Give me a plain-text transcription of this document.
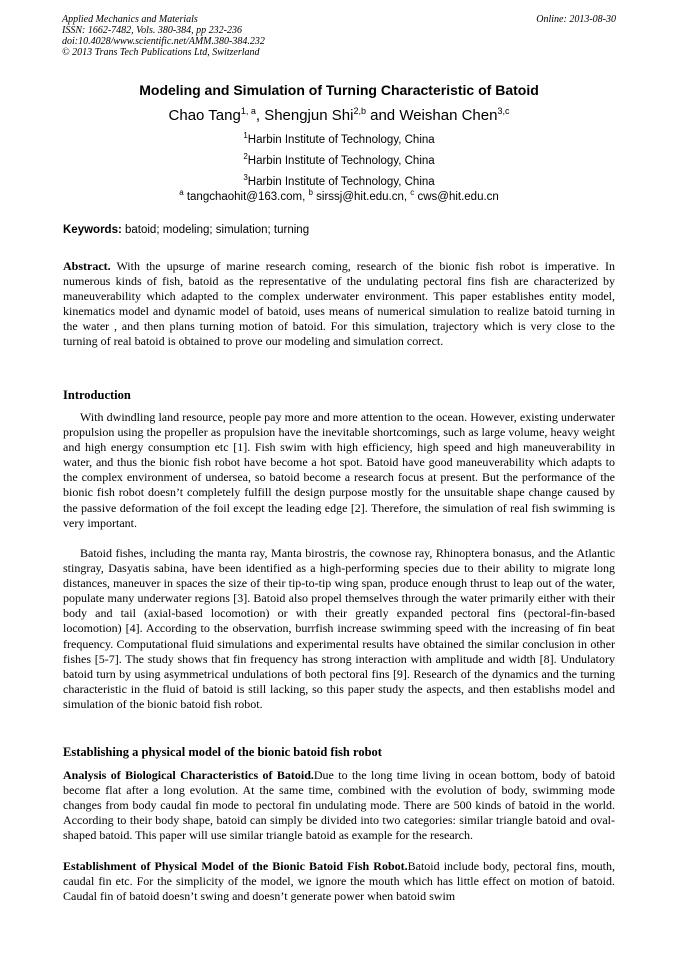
Applied Mechanics and Materials
ISSN: 1662-7482, Vols. 380-384, pp 232-236
doi:10.4028/www.scientific.net/AMM.380-384.232
© 2013 Trans Tech Publications Ltd, Switzerland
Online: 2013-08-30
Modeling and Simulation of Turning Characteristic of Batoid
Chao Tang$^{1, a}$, Shengjun Shi$^{2,b}$ and Weishan Chen$^{3,c}$
$^1$Harbin Institute of Technology, China
$^2$Harbin Institute of Technology, China
$^3$Harbin Institute of Technology, China
$^a$ tangchaohit@163.com, $^b$ sirssj@hit.edu.cn, $^c$ cws@hit.edu.cn
Keywords: batoid; modeling; simulation; turning
Abstract. With the upsurge of marine research coming, research of the bionic fish robot is imperative. In numerous kinds of fish, batoid as the representative of the undulating pectoral fins fish are characterized by maneuverability which adapted to the complex underwater environment. This paper establishes entity model, kinematics model and dynamic model of batoid, uses means of numerical simulation to realize batoid turning in the water , and then plans turning motion of batoid. For this simulation, trajectory which is very close to the turning of real batoid is obtained to prove our modeling and simulation correct.
Introduction
With dwindling land resource, people pay more and more attention to the ocean. However, existing underwater propulsion using the propeller as propulsion have the inevitable shortcomings, such as large volume, heavy weight and high energy consumption etc [1]. Fish swim with high efficiency, high speed and high maneuverability in water, and thus the bionic fish robot have become a hot spot. Batoid have good maneuverability which adapts to the complex environment of undersea, so batoid become a research focus at present. But the performance of the bionic fish robot doesn’t completely fulfill the design purpose mostly for the unsuitable shape change caused by the passive deformation of the foil except the leading edge [2]. Therefore, the simulation of real fish swimming is very important.
Batoid fishes, including the manta ray, Manta birostris, the cownose ray, Rhinoptera bonasus, and the Atlantic stingray, Dasyatis sabina, have been identified as a high-performing species due to their ability to migrate long distances, maneuver in spaces the size of their tip-to-tip wing span, produce enough thrust to leap out of the water, populate many underwater regions [3]. Batoid also propel themselves through the water primarily either with their body and tail (axial-based locomotion) or with their greatly expanded pectoral fins (pectoral-fin-based locomotion) [4]. According to the observation, burrfish increase swimming speed with the increasing of fin beat frequency. Computational fluid simulations and experimental results have obtained the similar conclusion in other fishes [5-7]. The study shows that fin frequency has strong interaction with amplitude and width [8]. Undulatory batoid turn by using asymmetrical undulations of both pectoral fins [9]. Research of the dynamics and the turning characteristic in the fluid of batoid is still lacking, so this paper study the aspects, and then establishs model and simulation of the bionic batoid fish robot.
Establishing a physical model of the bionic batoid fish robot
Analysis of Biological Characteristics of Batoid.Due to the long time living in ocean bottom, body of batoid become flat after a long evolution. At the same time, combined with the evolution of body, swimming mode changes from body caudal fin mode to pectoral fin undulating mode. There are 500 kinds of batoid in the world. According to their body shape, batoid can simply be divided into two categories: similar triangle batoid and oval-shaped batoid. This paper will use similar triangle batoid as example for the research.
Establishment of Physical Model of the Bionic Batoid Fish Robot.Batoid include body, pectoral fins, mouth, caudal fin etc. For the simplicity of the model, we ignore the mouth which has little effect on motion of batoid. Caudal fin of batoid doesn’t swing and doesn’t generate power when batoid swim
